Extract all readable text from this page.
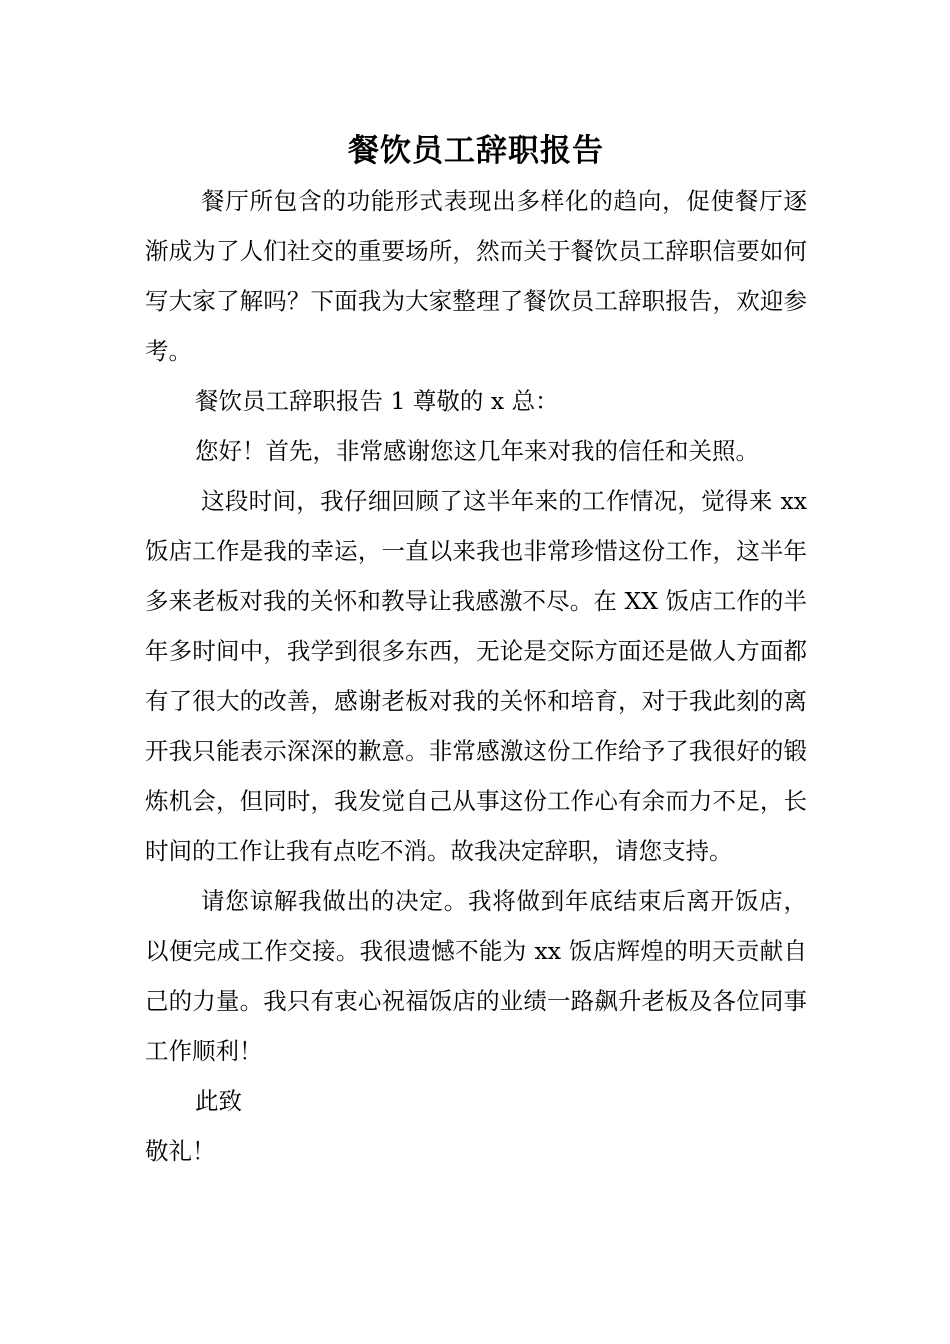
餐饮员工辞职报告

餐厅所包含的功能形式表现出多样化的趋向，促使餐厅逐渐成为了人们社交的重要场所，然而关于餐饮员工辞职信要如何写大家了解吗？下面我为大家整理了餐饮员工辞职报告，欢迎参考。

餐饮员工辞职报告 1 尊敬的 x 总：

您好！首先，非常感谢您这几年来对我的信任和关照。

这段时间，我仔细回顾了这半年来的工作情况，觉得来 xx 饭店工作是我的幸运，一直以来我也非常珍惜这份工作，这半年多来老板对我的关怀和教导让我感激不尽。在 XX 饭店工作的半年多时间中，我学到很多东西，无论是交际方面还是做人方面都有了很大的改善，感谢老板对我的关怀和培育，对于我此刻的离开我只能表示深深的歉意。非常感激这份工作给予了我很好的锻炼机会，但同时，我发觉自己从事这份工作心有余而力不足，长时间的工作让我有点吃不消。故我决定辞职，请您支持。

请您谅解我做出的决定。我将做到年底结束后离开饭店，以便完成工作交接。我很遗憾不能为 xx 饭店辉煌的明天贡献自己的力量。我只有衷心祝福饭店的业绩一路飙升老板及各位同事工作顺利！

此致

敬礼！
